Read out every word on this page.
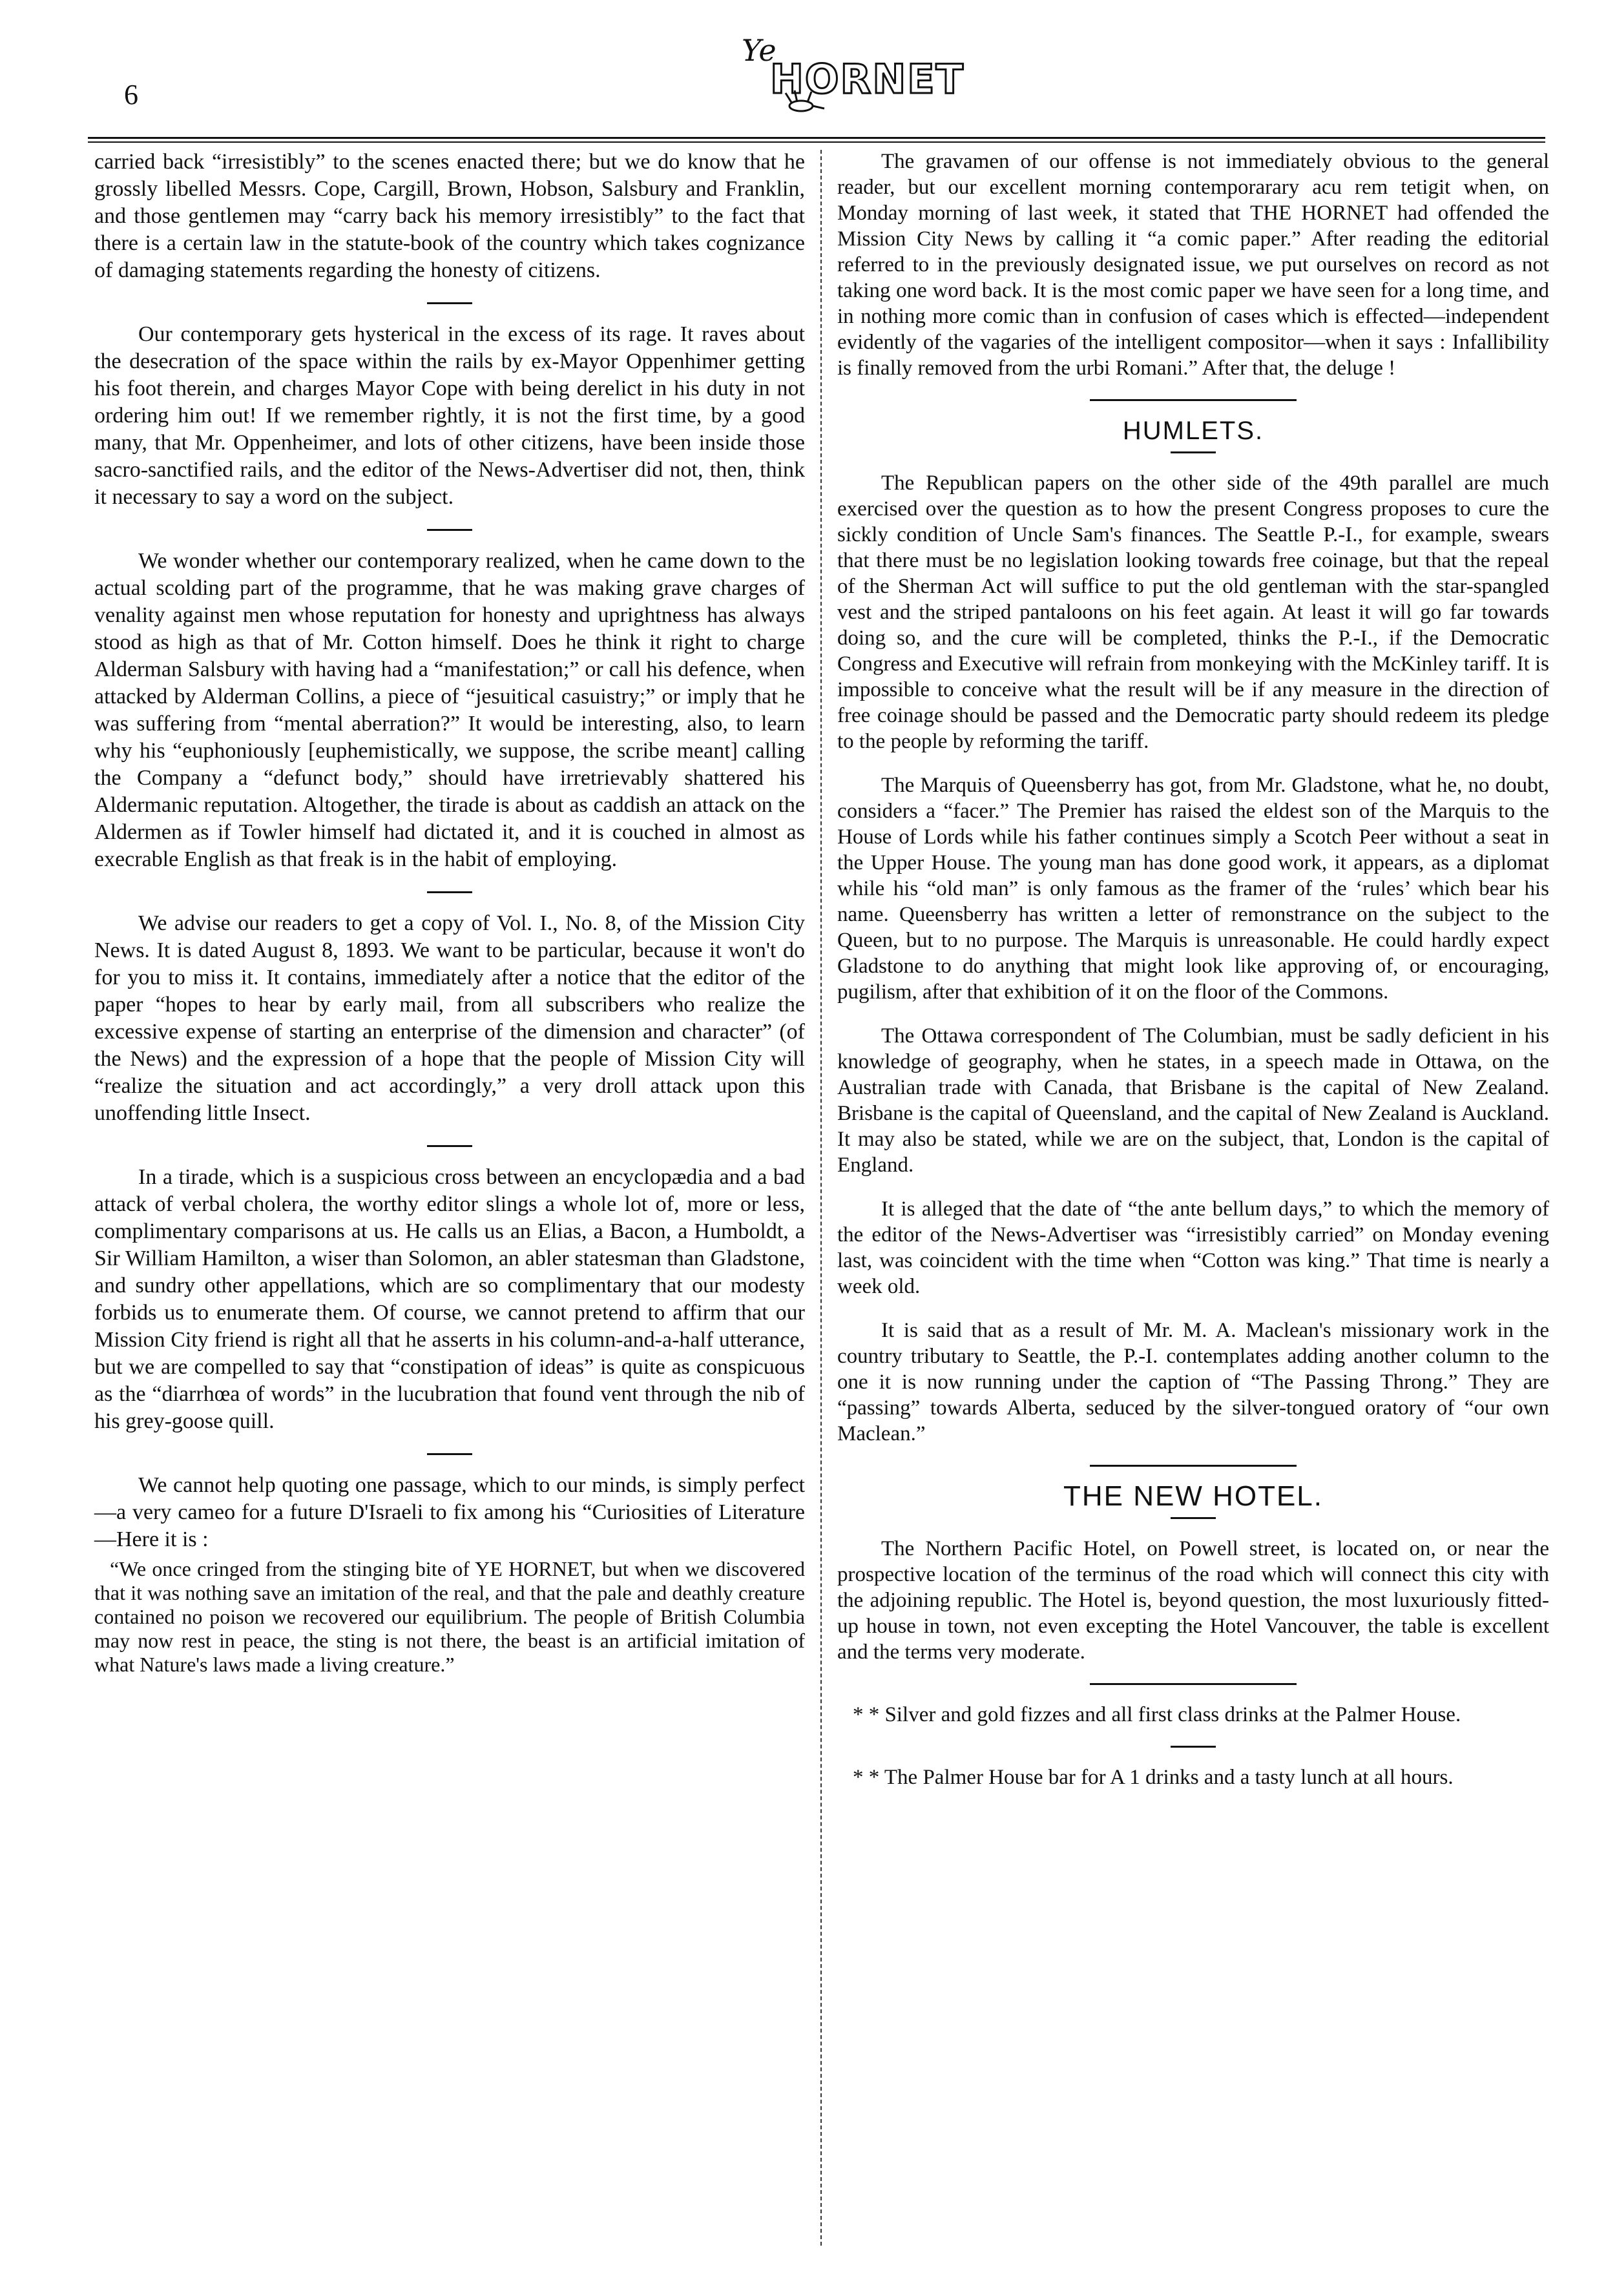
6
Ye
HORNET

carried back “irresistibly” to the scenes enacted there; but we do know that he grossly libelled Messrs. Cope, Cargill, Brown, Hobson, Salsbury and Franklin, and those gentlemen may “carry back his memory irresistibly” to the fact that there is a certain law in the statute-book of the country which takes cognizance of damaging statements regarding the honesty of citizens.

Our contemporary gets hysterical in the excess of its rage. It raves about the desecration of the space within the rails by ex-Mayor Oppenhimer getting his foot therein, and charges Mayor Cope with being derelict in his duty in not ordering him out! If we remember rightly, it is not the first time, by a good many, that Mr. Oppenheimer, and lots of other citizens, have been inside those sacro-sanctified rails, and the editor of the News-Advertiser did not, then, think it necessary to say a word on the subject.

We wonder whether our contemporary realized, when he came down to the actual scolding part of the programme, that he was making grave charges of venality against men whose reputation for honesty and uprightness has always stood as high as that of Mr. Cotton himself. Does he think it right to charge Alderman Salsbury with having had a “manifestation;” or call his defence, when attacked by Alderman Collins, a piece of “jesuitical casuistry;” or imply that he was suffering from “mental aberration?” It would be interesting, also, to learn why his “euphoniously [euphemistically, we suppose, the scribe meant] calling the Company a “defunct body,” should have irretrievably shattered his Aldermanic reputation. Altogether, the tirade is about as caddish an attack on the Aldermen as if Towler himself had dictated it, and it is couched in almost as execrable English as that freak is in the habit of employing.

We advise our readers to get a copy of Vol. I., No. 8, of the Mission City News. It is dated August 8, 1893. We want to be particular, because it won't do for you to miss it. It contains, immediately after a notice that the editor of the paper “hopes to hear by early mail, from all subscribers who realize the excessive expense of starting an enterprise of the dimension and character” (of the News) and the expression of a hope that the people of Mission City will “realize the situation and act accordingly,” a very droll attack upon this unoffending little Insect.

In a tirade, which is a suspicious cross between an encyclopædia and a bad attack of verbal cholera, the worthy editor slings a whole lot of, more or less, complimentary comparisons at us. He calls us an Elias, a Bacon, a Humboldt, a Sir William Hamilton, a wiser than Solomon, an abler statesman than Gladstone, and sundry other appellations, which are so complimentary that our modesty forbids us to enumerate them. Of course, we cannot pretend to affirm that our Mission City friend is right all that he asserts in his column-and-a-half utterance, but we are compelled to say that “constipation of ideas” is quite as conspicuous as the “diarrhœa of words” in the lucubration that found vent through the nib of his grey-goose quill.

We cannot help quoting one passage, which to our minds, is simply perfect—a very cameo for a future D'Israeli to fix among his “Curiosities of Literature—Here it is :

“We once cringed from the stinging bite of YE HORNET, but when we discovered that it was nothing save an imitation of the real, and that the pale and deathly creature contained no poison we recovered our equilibrium. The people of British Columbia may now rest in peace, the sting is not there, the beast is an artificial imitation of what Nature's laws made a living creature.”

The gravamen of our offense is not immediately obvious to the general reader, but our excellent morning contemporarary acu rem tetigit when, on Monday morning of last week, it stated that THE HORNET had offended the Mission City News by calling it “a comic paper.” After reading the editorial referred to in the previously designated issue, we put ourselves on record as not taking one word back. It is the most comic paper we have seen for a long time, and in nothing more comic than in confusion of cases which is effected—independent evidently of the vagaries of the intelligent compositor—when it says : Infallibility is finally removed from the urbi Romani.” After that, the deluge !

HUMLETS.

The Republican papers on the other side of the 49th parallel are much exercised over the question as to how the present Congress proposes to cure the sickly condition of Uncle Sam's finances. The Seattle P.-I., for example, swears that there must be no legislation looking towards free coinage, but that the repeal of the Sherman Act will suffice to put the old gentleman with the star-spangled vest and the striped pantaloons on his feet again. At least it will go far towards doing so, and the cure will be completed, thinks the P.-I., if the Democratic Congress and Executive will refrain from monkeying with the McKinley tariff. It is impossible to conceive what the result will be if any measure in the direction of free coinage should be passed and the Democratic party should redeem its pledge to the people by reforming the tariff.

The Marquis of Queensberry has got, from Mr. Gladstone, what he, no doubt, considers a “facer.” The Premier has raised the eldest son of the Marquis to the House of Lords while his father continues simply a Scotch Peer without a seat in the Upper House. The young man has done good work, it appears, as a diplomat while his “old man” is only famous as the framer of the ‘rules’ which bear his name. Queensberry has written a letter of remonstrance on the subject to the Queen, but to no purpose. The Marquis is unreasonable. He could hardly expect Gladstone to do anything that might look like approving of, or encouraging, pugilism, after that exhibition of it on the floor of the Commons.

The Ottawa correspondent of The Columbian, must be sadly deficient in his knowledge of geography, when he states, in a speech made in Ottawa, on the Australian trade with Canada, that Brisbane is the capital of New Zealand. Brisbane is the capital of Queensland, and the capital of New Zealand is Auckland. It may also be stated, while we are on the subject, that, London is the capital of England.

It is alleged that the date of “the ante bellum days,” to which the memory of the editor of the News-Advertiser was “irresistibly carried” on Monday evening last, was coincident with the time when “Cotton was king.” That time is nearly a week old.

It is said that as a result of Mr. M. A. Maclean's missionary work in the country tributary to Seattle, the P.-I. contemplates adding another column to the one it is now running under the caption of “The Passing Throng.” They are “passing” towards Alberta, seduced by the silver-tongued oratory of “our own Maclean.”

THE NEW HOTEL.

The Northern Pacific Hotel, on Powell street, is located on, or near the prospective location of the terminus of the road which will connect this city with the adjoining republic. The Hotel is, beyond question, the most luxuriously fitted-up house in town, not even excepting the Hotel Vancouver, the table is excellent and the terms very moderate.

* * Silver and gold fizzes and all first class drinks at the Palmer House.

* * The Palmer House bar for A 1 drinks and a tasty lunch at all hours.
